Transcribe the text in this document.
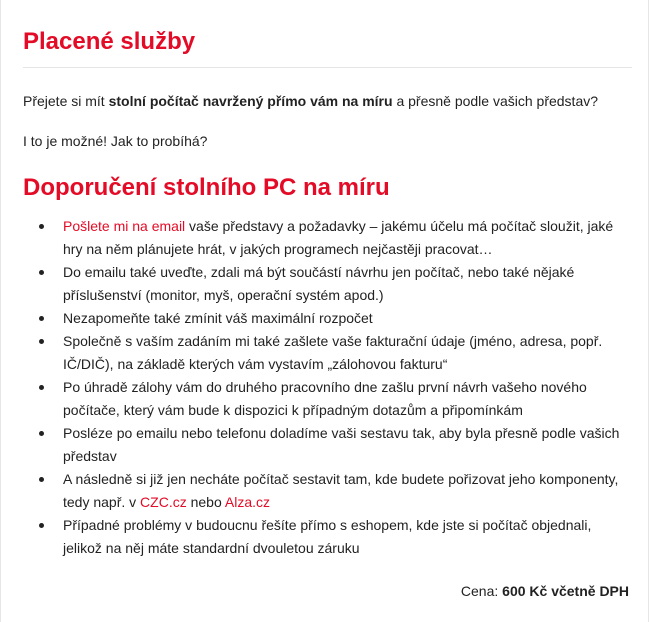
Placené služby

Přejete si mít stolní počítač navržený přímo vám na míru a přesně podle vašich představ?

I to je možné! Jak to probíhá?

Doporučení stolního PC na míru
Pošlete mi na email vaše představy a požadavky – jakému účelu má počítač sloužit, jaké hry na něm plánujete hrát, v jakých programech nejčastěji pracovat…
Do emailu také uveďte, zdali má být součástí návrhu jen počítač, nebo také nějaké příslušenství (monitor, myš, operační systém apod.)
Nezapomeňte také zmínit váš maximální rozpočet
Společně s vaším zadáním mi také zašlete vaše fakturační údaje (jméno, adresa, popř. IČ/DIČ), na základě kterých vám vystavím „zálohovou fakturu“
Po úhradě zálohy vám do druhého pracovního dne zašlu první návrh vašeho nového počítače, který vám bude k dispozici k případným dotazům a připomínkám
Posléze po emailu nebo telefonu doladíme vaši sestavu tak, aby byla přesně podle vašich představ
A následně si již jen necháte počítač sestavit tam, kde budete pořizovat jeho komponenty, tedy např. v CZC.cz nebo Alza.cz
Případné problémy v budoucnu řešíte přímo s eshopem, kde jste si počítač objednali, jelikož na něj máte standardní dvouletou záruku

Cena: 600 Kč včetně DPH
